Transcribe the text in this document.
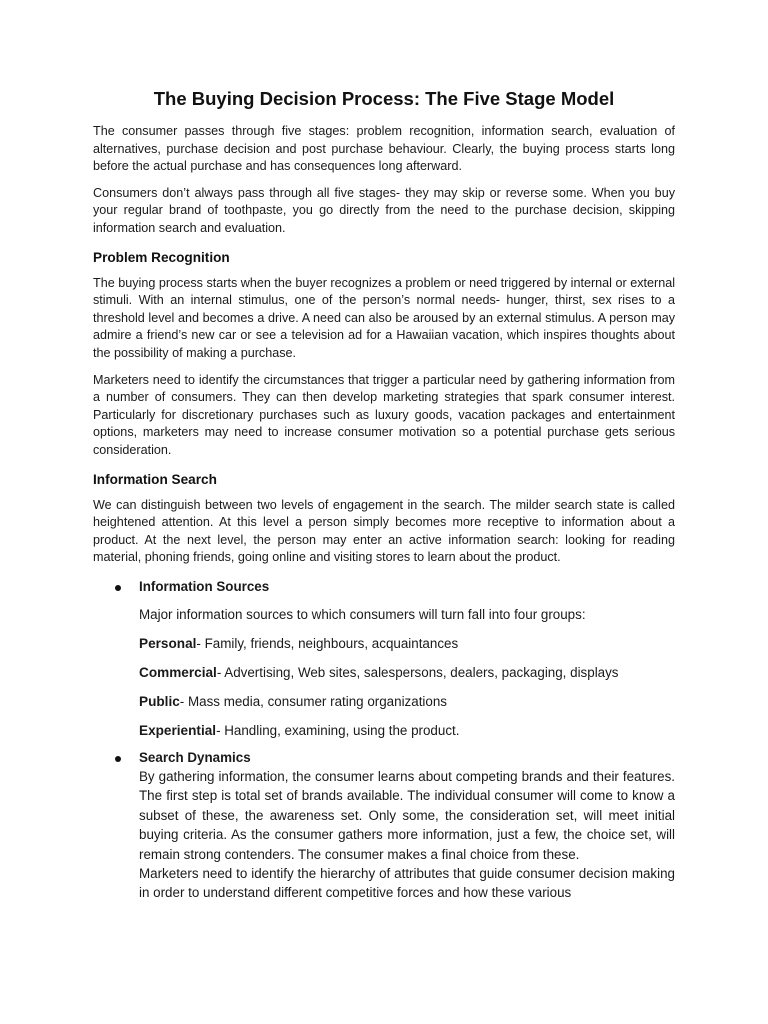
The Buying Decision Process: The Five Stage Model

The consumer passes through five stages: problem recognition, information search, evaluation of alternatives, purchase decision and post purchase behaviour. Clearly, the buying process starts long before the actual purchase and has consequences long afterward.

Consumers don’t always pass through all five stages- they may skip or reverse some. When you buy your regular brand of toothpaste, you go directly from the need to the purchase decision, skipping information search and evaluation.

Problem Recognition

The buying process starts when the buyer recognizes a problem or need triggered by internal or external stimuli. With an internal stimulus, one of the person’s normal needs- hunger, thirst, sex rises to a threshold level and becomes a drive. A need can also be aroused by an external stimulus. A person may admire a friend’s new car or see a television ad for a Hawaiian vacation, which inspires thoughts about the possibility of making a purchase.

Marketers need to identify the circumstances that trigger a particular need by gathering information from a number of consumers. They can then develop marketing strategies that spark consumer interest. Particularly for discretionary purchases such as luxury goods, vacation packages and entertainment options, marketers may need to increase consumer motivation so a potential purchase gets serious consideration.

Information Search

We can distinguish between two levels of engagement in the search. The milder search state is called heightened attention. At this level a person simply becomes more receptive to information about a product. At the next level, the person may enter an active information search: looking for reading material, phoning friends, going online and visiting stores to learn about the product.

Information Sources

Major information sources to which consumers will turn fall into four groups:

Personal- Family, friends, neighbours, acquaintances

Commercial- Advertising, Web sites, salespersons, dealers, packaging, displays

Public- Mass media, consumer rating organizations

Experiential- Handling, examining, using the product.

Search Dynamics

By gathering information, the consumer learns about competing brands and their features. The first step is total set of brands available. The individual consumer will come to know a subset of these, the awareness set. Only some, the consideration set, will meet initial buying criteria. As the consumer gathers more information, just a few, the choice set, will remain strong contenders. The consumer makes a final choice from these.

Marketers need to identify the hierarchy of attributes that guide consumer decision making in order to understand different competitive forces and how these various
